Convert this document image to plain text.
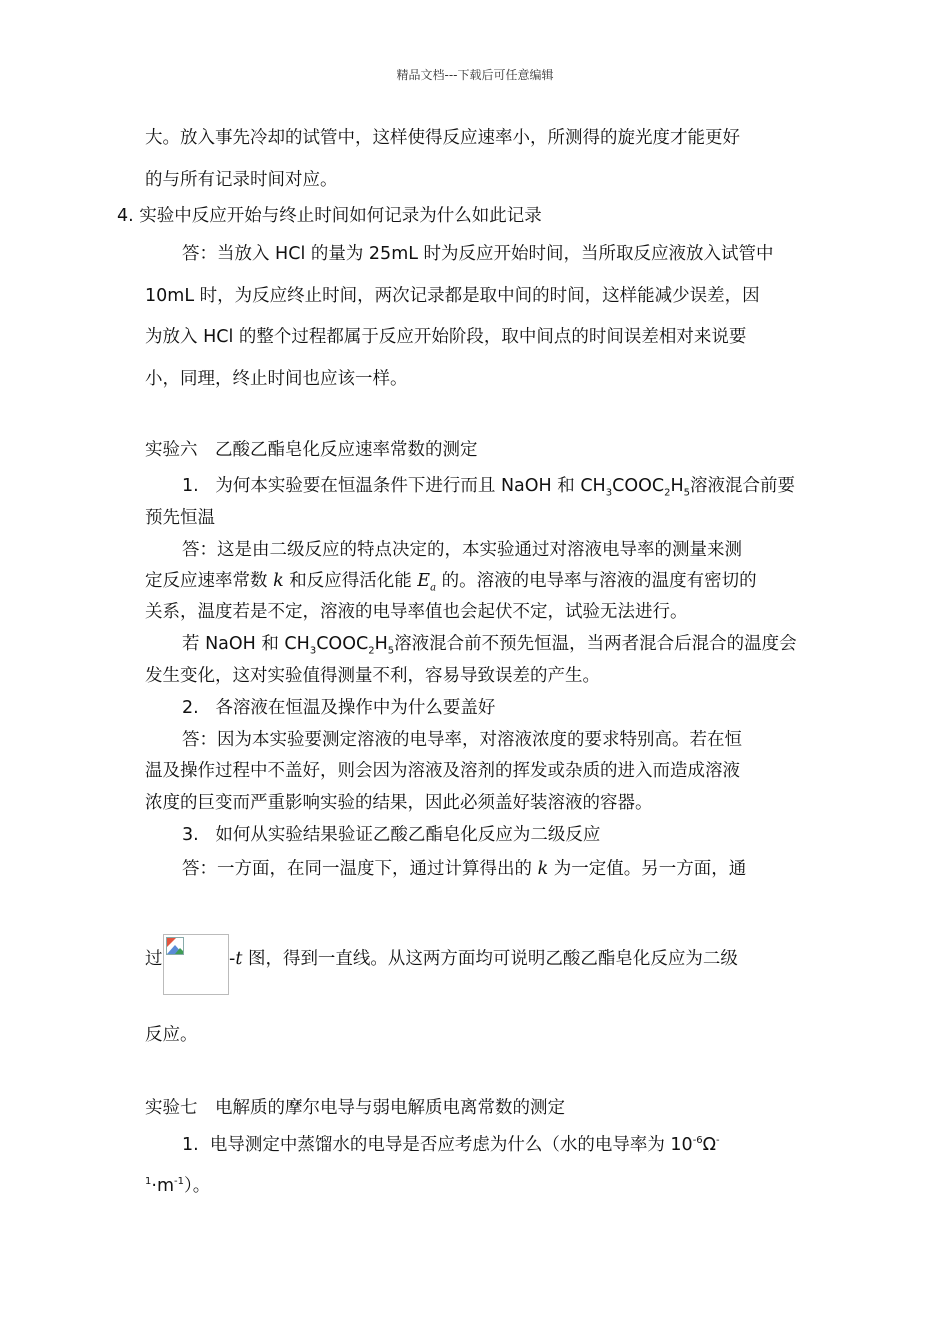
精品文档---下载后可任意编辑
大。放入事先冷却的试管中，这样使得反应速率小，所测得的旋光度才能更好
的与所有记录时间对应。
4. 实验中反应开始与终止时间如何记录为什么如此记录
答：当放入 HCl 的量为 25mL 时为反应开始时间，当所取反应液放入试管中
10mL 时，为反应终止时间，两次记录都是取中间的时间，这样能减少误差，因
为放入 HCl 的整个过程都属于反应开始阶段，取中间点的时间误差相对来说要
小，同理，终止时间也应该一样。
实验六　乙酸乙酯皂化反应速率常数的测定
1. 为何本实验要在恒温条件下进行而且 NaOH 和 $CH_3COOC_2H_5$溶液混合前要
预先恒温
答：这是由二级反应的特点决定的，本实验通过对溶液电导率的测量来测
定反应速率常数 k 和反应得活化能 $E_a$ 的。溶液的电导率与溶液的温度有密切的
关系，温度若是不定，溶液的电导率值也会起伏不定，试验无法进行。
若 NaOH 和 $CH_3COOC_2H_5$溶液混合前不预先恒温，当两者混合后混合的温度会
发生变化，这对实验值得测量不利，容易导致误差的产生。
2. 各溶液在恒温及操作中为什么要盖好
答：因为本实验要测定溶液的电导率，对溶液浓度的要求特别高。若在恒
温及操作过程中不盖好，则会因为溶液及溶剂的挥发或杂质的进入而造成溶液
浓度的巨变而严重影响实验的结果，因此必须盖好装溶液的容器。
3. 如何从实验结果验证乙酸乙酯皂化反应为二级反应
答：一方面，在同一温度下，通过计算得出的 k 为一定值。另一方面，通
过	-t 图，得到一直线。从这两方面均可说明乙酸乙酯皂化反应为二级
反应。
实验七　电解质的摩尔电导与弱电解质电离常数的测定
1. 电导测定中蒸馏水的电导是否应考虑为什么（水的电导率为 $10^{-6}\Omega^-$
$^1\cdot m^{-1}$）。
